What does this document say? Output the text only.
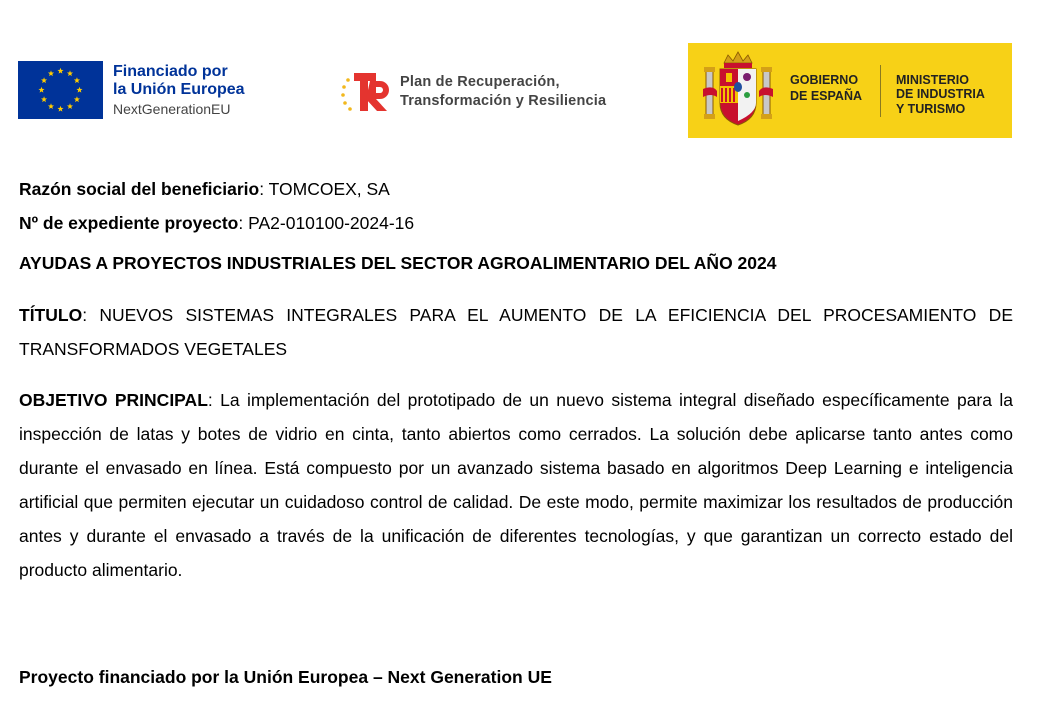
Financiado por
la Unión Europea
NextGenerationEU
Plan de Recuperación,
Transformación y Resiliencia
GOBIERNO
DE ESPAÑA
MINISTERIO
DE INDUSTRIA
Y TURISMO

Razón social del beneficiario: TOMCOEX, SA

Nº de expediente proyecto: PA2-010100-2024-16

AYUDAS A PROYECTOS INDUSTRIALES DEL SECTOR AGROALIMENTARIO DEL AÑO 2024

TÍTULO: NUEVOS SISTEMAS INTEGRALES PARA EL AUMENTO DE LA EFICIENCIA DEL PROCESAMIENTO DE TRANSFORMADOS VEGETALES

OBJETIVO PRINCIPAL: La implementación del prototipado de un nuevo sistema integral diseñado específicamente para la inspección de latas y botes de vidrio en cinta, tanto abiertos como cerrados. La solución debe aplicarse tanto antes como durante el envasado en línea. Está compuesto por un avanzado sistema basado en algoritmos Deep Learning e inteligencia artificial que permiten ejecutar un cuidadoso control de calidad. De este modo, permite maximizar los resultados de producción antes y durante el envasado a través de la unificación de diferentes tecnologías, y que garantizan un correcto estado del producto alimentario.

Proyecto financiado por la Unión Europea – Next Generation UE
